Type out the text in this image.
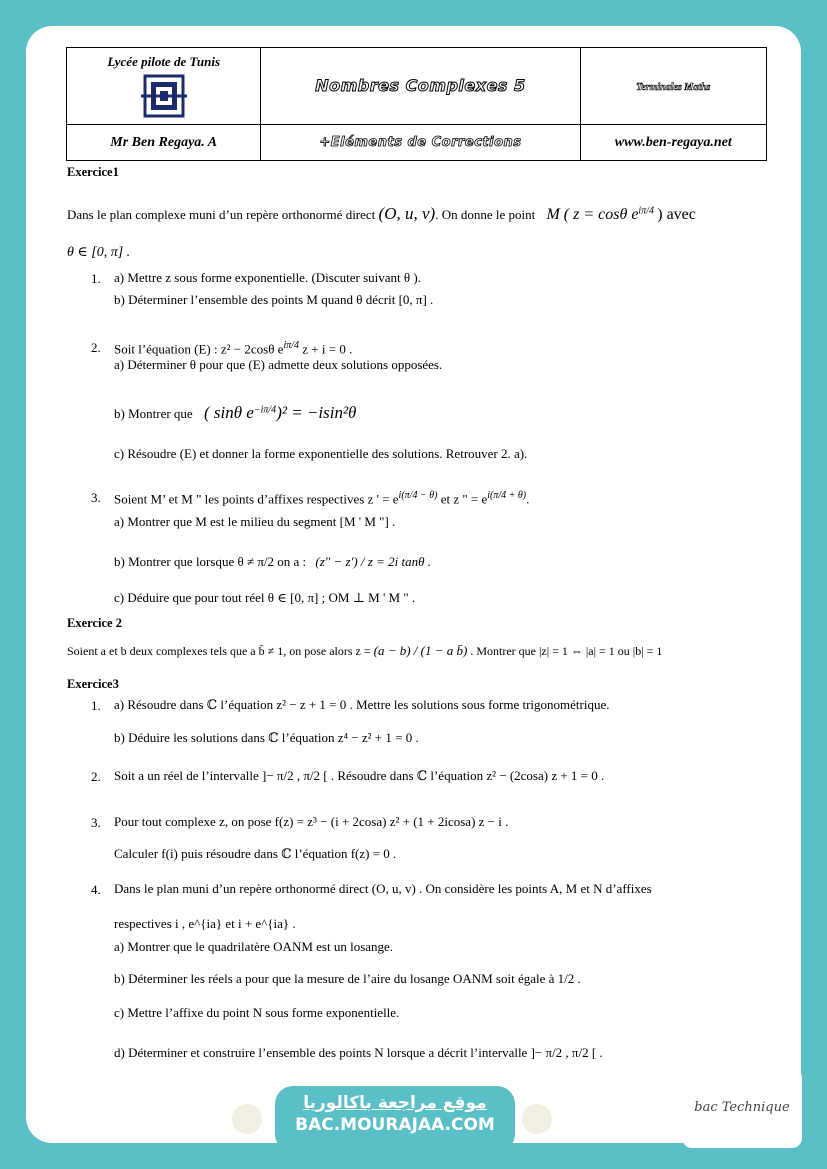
Lycée pilote de Tunis	Nombres Complexes 5	Terminales Maths
Mr Ben Regaya. A	+Eléments de Corrections	www.ben-regaya.net
Exercice1
Dans le plan complexe muni d’un repère orthonormé direct (O, u, v). On donne le point M ( z = cosθ $e^{i\pi/4}$ ) avec
θ ∈ [0, π] .
1. a) Mettre z sous forme exponentielle. (Discuter suivant θ ).
b) Déterminer l’ensemble des points M quand θ décrit [0, π] .
2. Soit l’équation (E) : z² − 2cosθ $e^{i\pi/4}$ z + i = 0 .
a) Déterminer θ pour que (E) admette deux solutions opposées.
b) Montrer que ( sinθ $e^{-i\pi/4})^2 = -isin^2\theta$
c) Résoudre (E) et donner la forme exponentielle des solutions. Retrouver 2. a).
3. Soient M’ et M " les points d’affixes respectives z ' = $e^{i(\pi/4 - \theta)}$ et z " = $e^{i(\pi/4 + \theta)}$.
a) Montrer que M est le milieu du segment [M ' M "] .
b) Montrer que lorsque θ ≠ π/2 on a : (z" − z') / z = 2i tanθ .
c) Déduire que pour tout réel θ ∈ [0, π] ; OM ⊥ M ' M " .
Exercice 2
Soient a et b deux complexes tels que a b̄ ≠ 1, on pose alors z = (a − b) / (1 − a b̄) . Montrer que |z| = 1 ⇔ |a| = 1 ou |b| = 1
Exercice3
1. a) Résoudre dans ℂ l’équation z² − z + 1 = 0 . Mettre les solutions sous forme trigonométrique.
b) Déduire les solutions dans ℂ l’équation z⁴ − z² + 1 = 0 .
2. Soit a un réel de l’intervalle ]− π/2 , π/2 [ . Résoudre dans ℂ l’équation z² − (2cosa) z + 1 = 0 .
3. Pour tout complexe z, on pose f(z) = z³ − (i + 2cosa) z² + (1 + 2icosa) z − i .
Calculer f(i) puis résoudre dans ℂ l’équation f(z) = 0 .
4. Dans le plan muni d’un repère orthonormé direct (O, u, v) . On considère les points A, M et N d’affixes
respectives i , e^{ia} et i + e^{ia} .
a) Montrer que le quadrilatère OANM est un losange.
b) Déterminer les réels a pour que la mesure de l’aire du losange OANM soit égale à 1/2 .
c) Mettre l’affixe du point N sous forme exponentielle.
d) Déterminer et construire l’ensemble des points N lorsque a décrit l’intervalle ]− π/2 , π/2 [ .
موقع مراجعة باكالوريا
BAC.MOURAJAA.COM
bac Technique
